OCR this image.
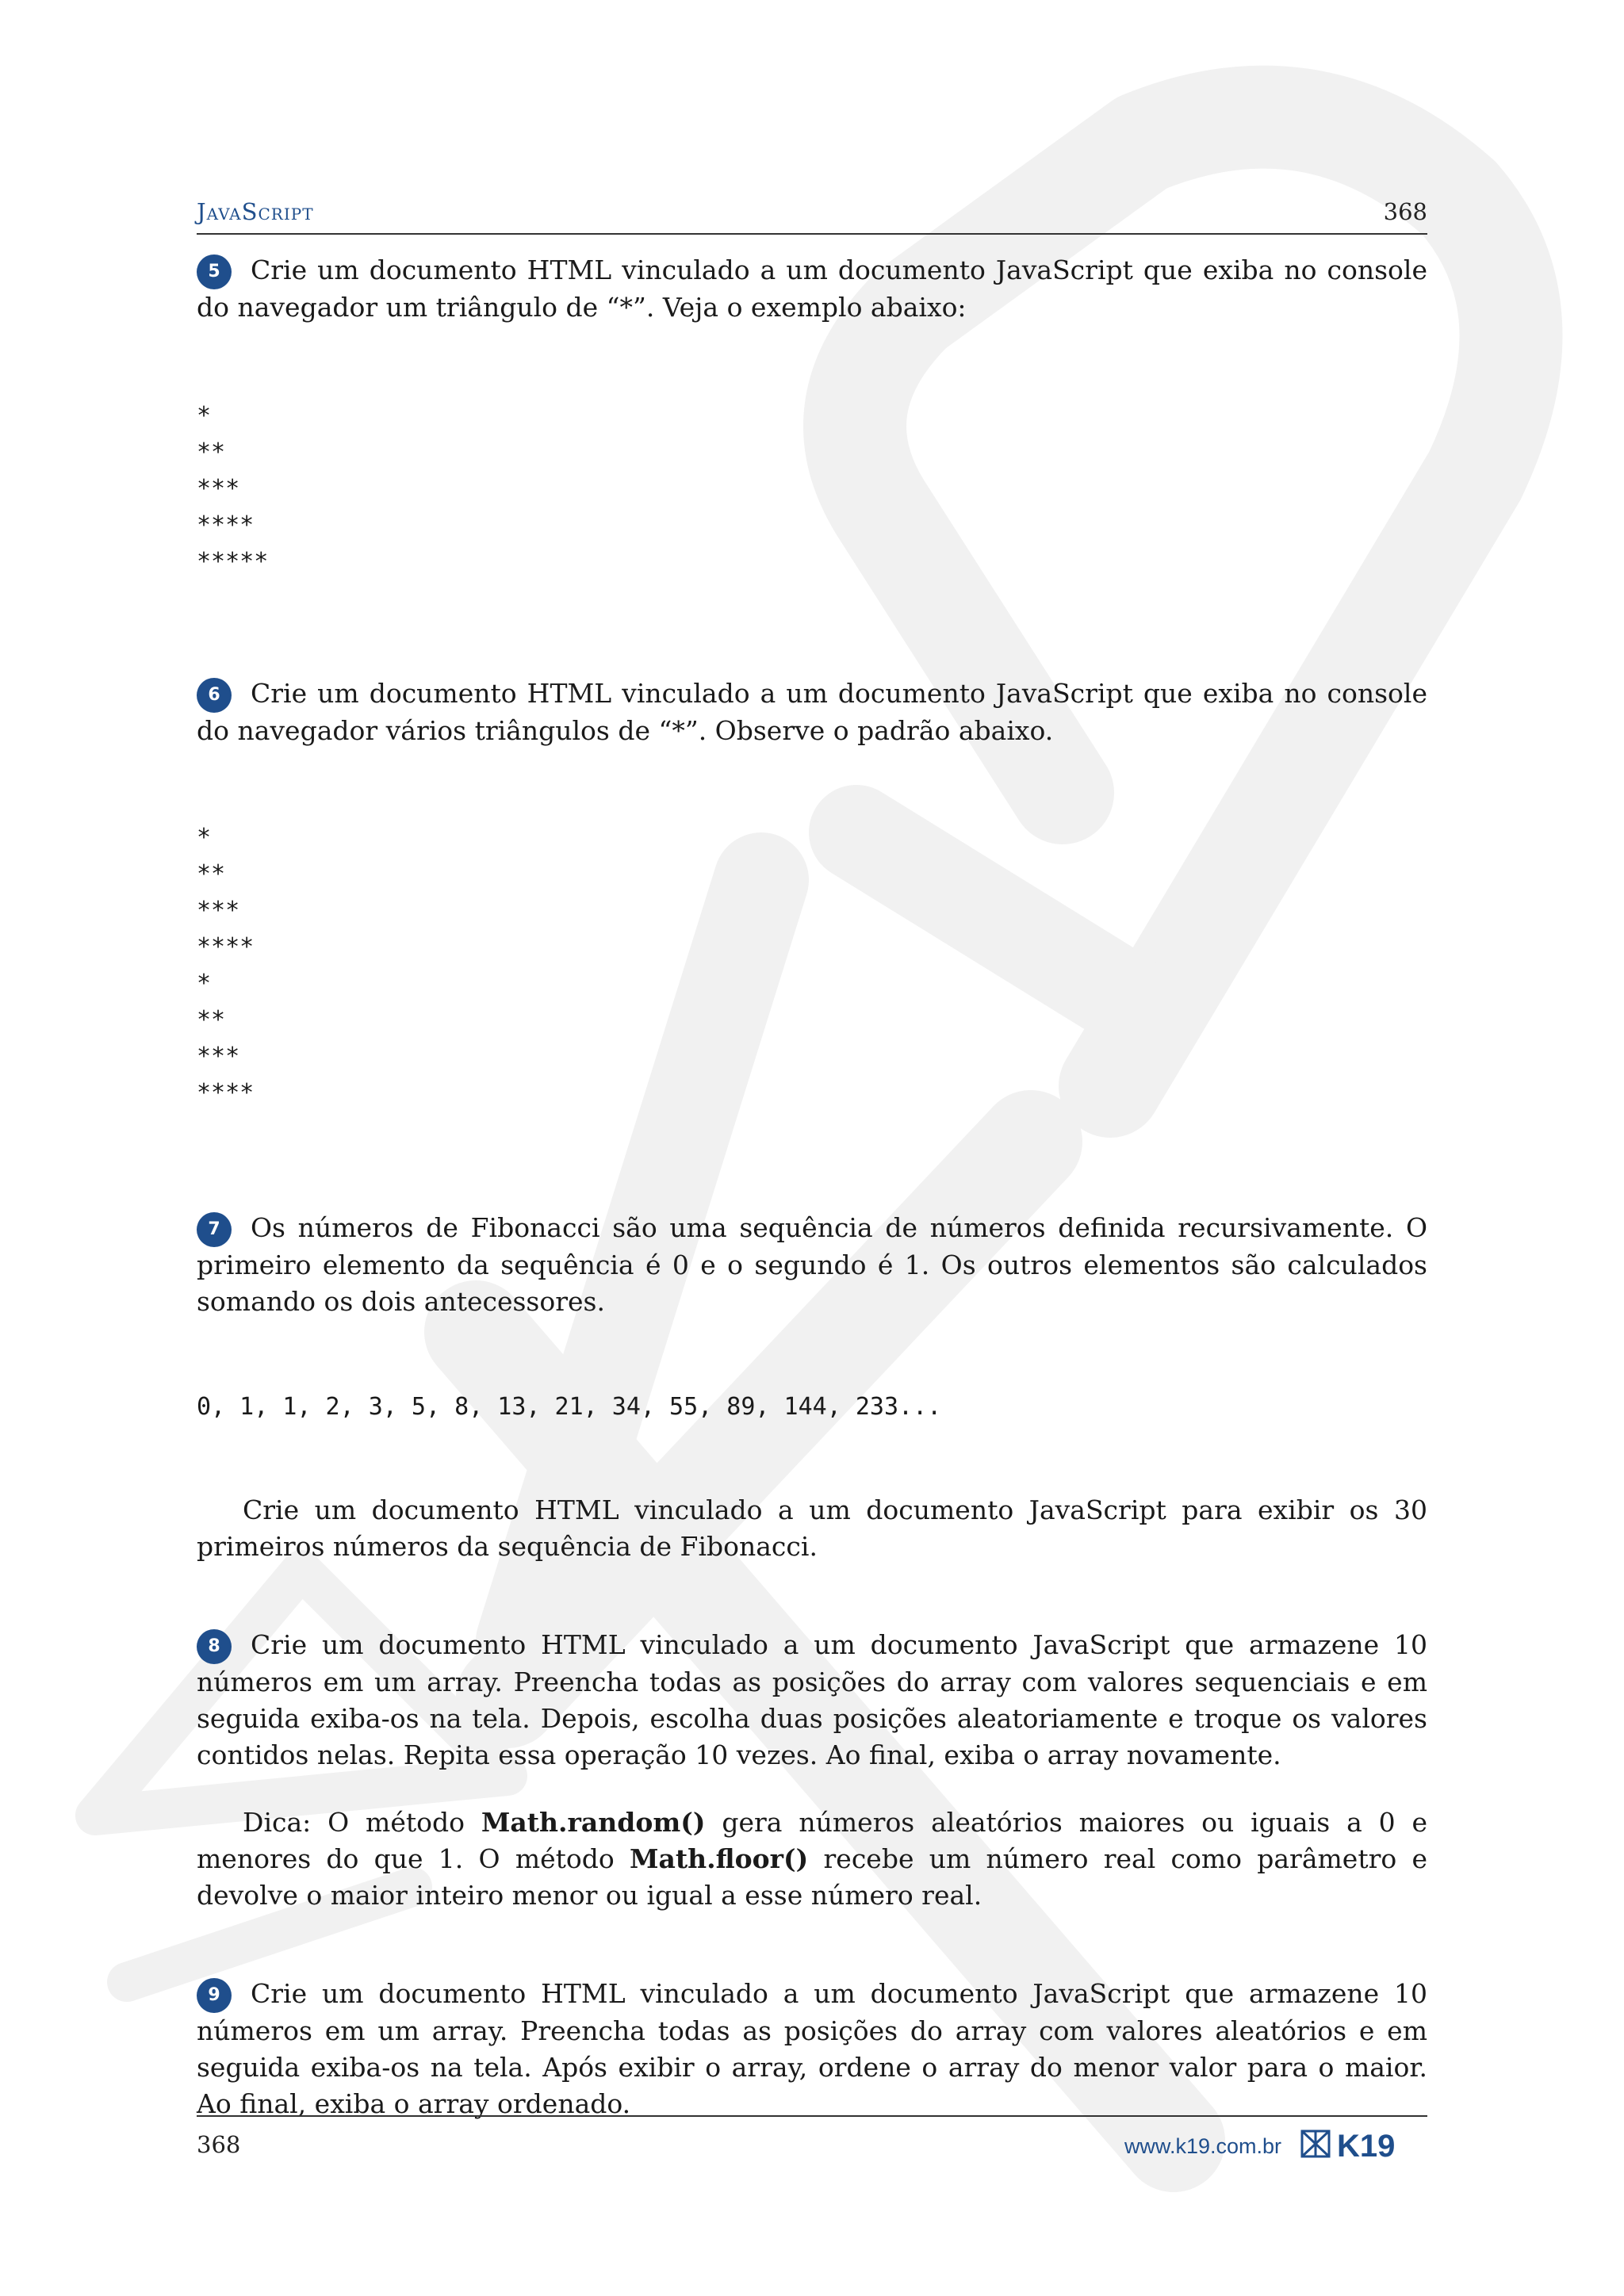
JavaScript	368
5 Crie um documento HTML vinculado a um documento JavaScript que exiba no console do navegador um triângulo de “*”. Veja o exemplo abaixo:
*
**
***
****
*****
6 Crie um documento HTML vinculado a um documento JavaScript que exiba no console do navegador vários triângulos de “*”. Observe o padrão abaixo.
*
**
***
****
*
**
***
****
7 Os números de Fibonacci são uma sequência de números definida recursivamente. O primeiro elemento da sequência é 0 e o segundo é 1. Os outros elementos são calculados somando os dois antecessores.
0, 1, 1, 2, 3, 5, 8, 13, 21, 34, 55, 89, 144, 233...
Crie um documento HTML vinculado a um documento JavaScript para exibir os 30 primeiros números da sequência de Fibonacci.
8 Crie um documento HTML vinculado a um documento JavaScript que armazene 10 números em um array. Preencha todas as posições do array com valores sequenciais e em seguida exiba-os na tela. Depois, escolha duas posições aleatoriamente e troque os valores contidos nelas. Repita essa operação 10 vezes. Ao final, exiba o array novamente.
Dica: O método Math.random() gera números aleatórios maiores ou iguais a 0 e menores do que 1. O método Math.floor() recebe um número real como parâmetro e devolve o maior inteiro menor ou igual a esse número real.
9 Crie um documento HTML vinculado a um documento JavaScript que armazene 10 números em um array. Preencha todas as posições do array com valores aleatórios e em seguida exiba-os na tela. Após exibir o array, ordene o array do menor valor para o maior. Ao final, exiba o array ordenado.
368	www.k19.com.br K19
